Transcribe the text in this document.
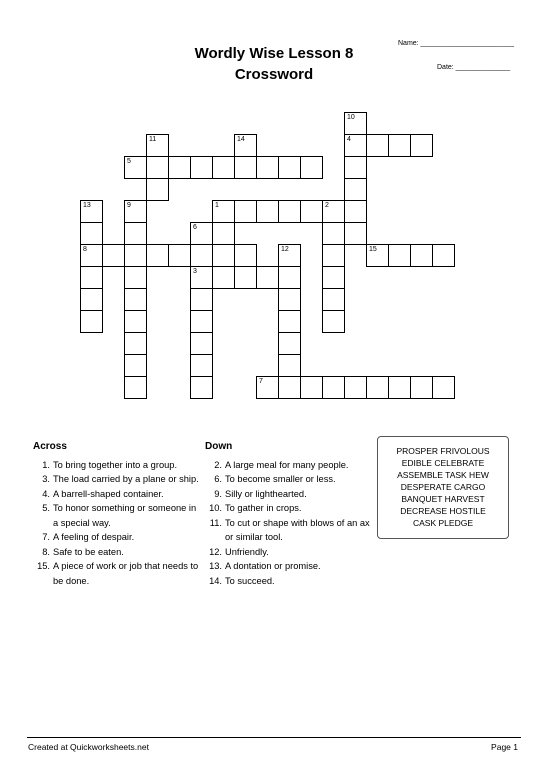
Wordly Wise Lesson 8
Crossword
Name: ________________________
Date: ______________
10
11	14	4
5
13	9	1	2
6
8	12	15
3
7
Across
1. To bring together into a group.
3. The load carried by a plane or ship.
4. A barrell-shaped container.
5. To honor something or someone in a special way.
7. A feeling of despair.
8. Safe to be eaten.
15. A piece of work or job that needs to be done.
Down
2. A large meal for many people.
6. To become smaller or less.
9. Silly or lighthearted.
10. To gather in crops.
11. To cut or shape with blows of an ax or similar tool.
12. Unfriendly.
13. A dontation or promise.
14. To succeed.
PROSPER FRIVOLOUS
EDIBLE CELEBRATE
ASSEMBLE TASK HEW
DESPERATE CARGO
BANQUET HARVEST
DECREASE HOSTILE
CASK PLEDGE
Created at Quickworksheets.net	Page 1
